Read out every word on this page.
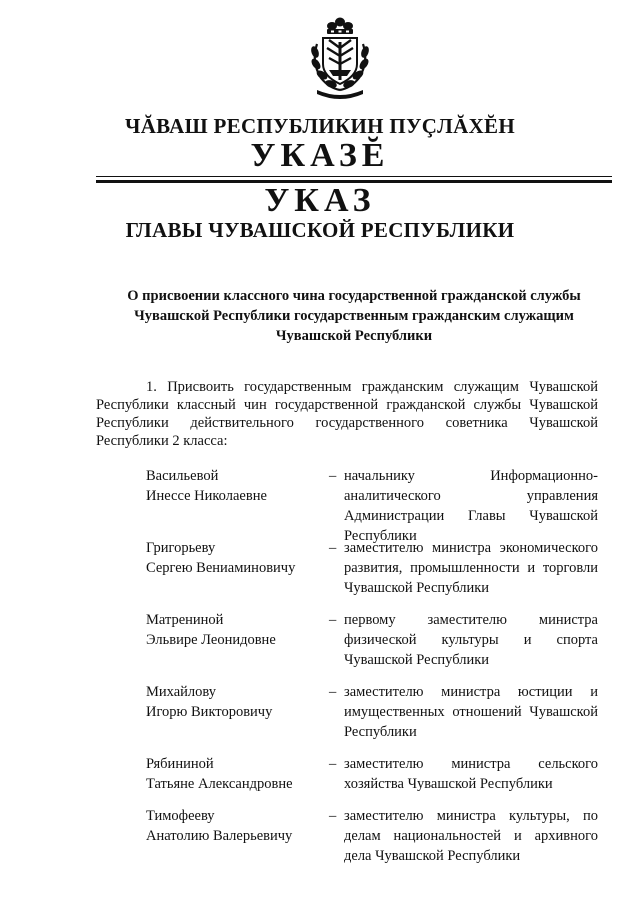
ЧĂВАШ РЕСПУБЛИКИН ПУÇЛĂХĔН
УКАЗĔ
УКАЗ
ГЛАВЫ ЧУВАШСКОЙ РЕСПУБЛИКИ
О присвоении классного чина государственной гражданской службы Чувашской Республики государственным гражданским служащим Чувашской Республики
1. Присвоить государственным гражданским служащим Чувашской Республики классный чин государственной гражданской службы Чувашской Республики действительного государственного советника Чувашской Республики 2 класса:
Васильевой
Инессе Николаевне
– начальнику Информационно-аналитического управления Администрации Главы Чувашской Республики
Григорьеву
Сергею Вениаминовичу
– заместителю министра экономического развития, промышленности и торговли Чувашской Республики
Матрениной
Эльвире Леонидовне
– первому заместителю министра физической культуры и спорта Чувашской Республики
Михайлову
Игорю Викторовичу
– заместителю министра юстиции и имущественных отношений Чувашской Республики
Рябининой
Татьяне Александровне
– заместителю министра сельского хозяйства Чувашской Республики
Тимофееву
Анатолию Валерьевичу
– заместителю министра культуры, по делам национальностей и архивного дела Чувашской Республики
